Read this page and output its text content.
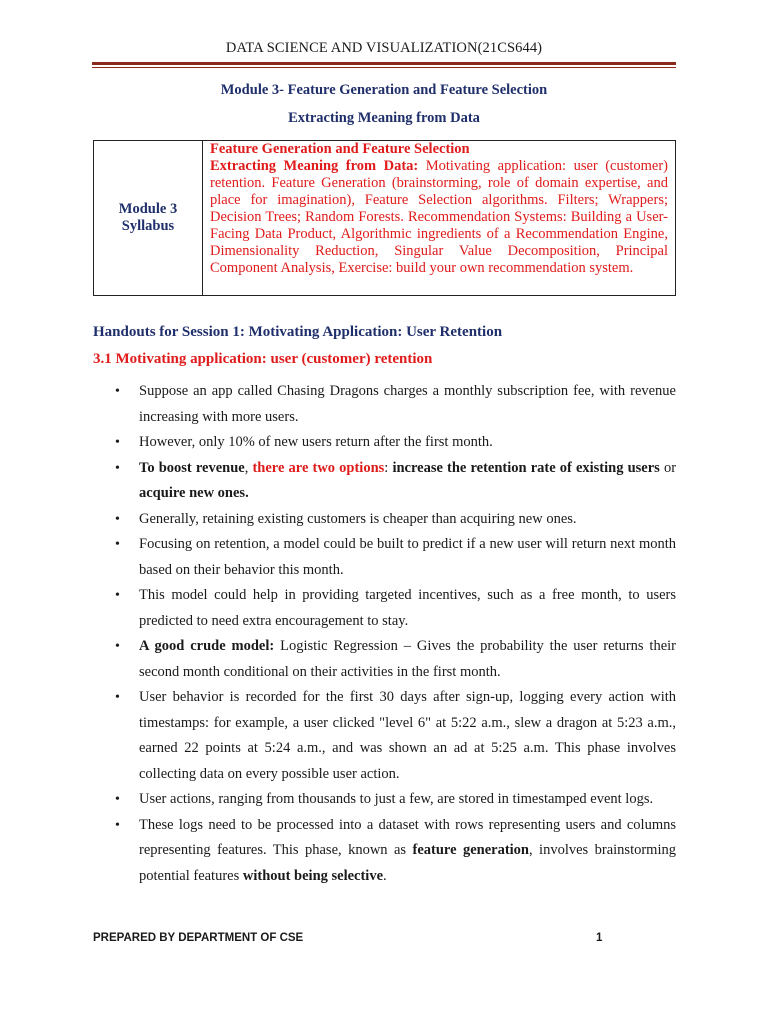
DATA SCIENCE AND VISUALIZATION(21CS644)
Module 3- Feature Generation and Feature Selection
Extracting Meaning from Data
Module 3
Syllabus
Feature Generation and Feature Selection
Extracting Meaning from Data: Motivating application: user (customer) retention. Feature Generation (brainstorming, role of domain expertise, and place for imagination), Feature Selection algorithms. Filters; Wrappers; Decision Trees; Random Forests. Recommendation Systems: Building a User-Facing Data Product, Algorithmic ingredients of a Recommendation Engine, Dimensionality Reduction, Singular Value Decomposition, Principal Component Analysis, Exercise: build your own recommendation system.
Handouts for Session 1: Motivating Application: User Retention
3.1 Motivating application: user (customer) retention
• Suppose an app called Chasing Dragons charges a monthly subscription fee, with revenue increasing with more users.
• However, only 10% of new users return after the first month.
• To boost revenue, there are two options: increase the retention rate of existing users or acquire new ones.
• Generally, retaining existing customers is cheaper than acquiring new ones.
• Focusing on retention, a model could be built to predict if a new user will return next month based on their behavior this month.
• This model could help in providing targeted incentives, such as a free month, to users predicted to need extra encouragement to stay.
• A good crude model: Logistic Regression – Gives the probability the user returns their second month conditional on their activities in the first month.
• User behavior is recorded for the first 30 days after sign-up, logging every action with timestamps: for example, a user clicked "level 6" at 5:22 a.m., slew a dragon at 5:23 a.m., earned 22 points at 5:24 a.m., and was shown an ad at 5:25 a.m. This phase involves collecting data on every possible user action.
• User actions, ranging from thousands to just a few, are stored in timestamped event logs.
• These logs need to be processed into a dataset with rows representing users and columns representing features. This phase, known as feature generation, involves brainstorming potential features without being selective.
PREPARED BY DEPARTMENT OF CSE	1
